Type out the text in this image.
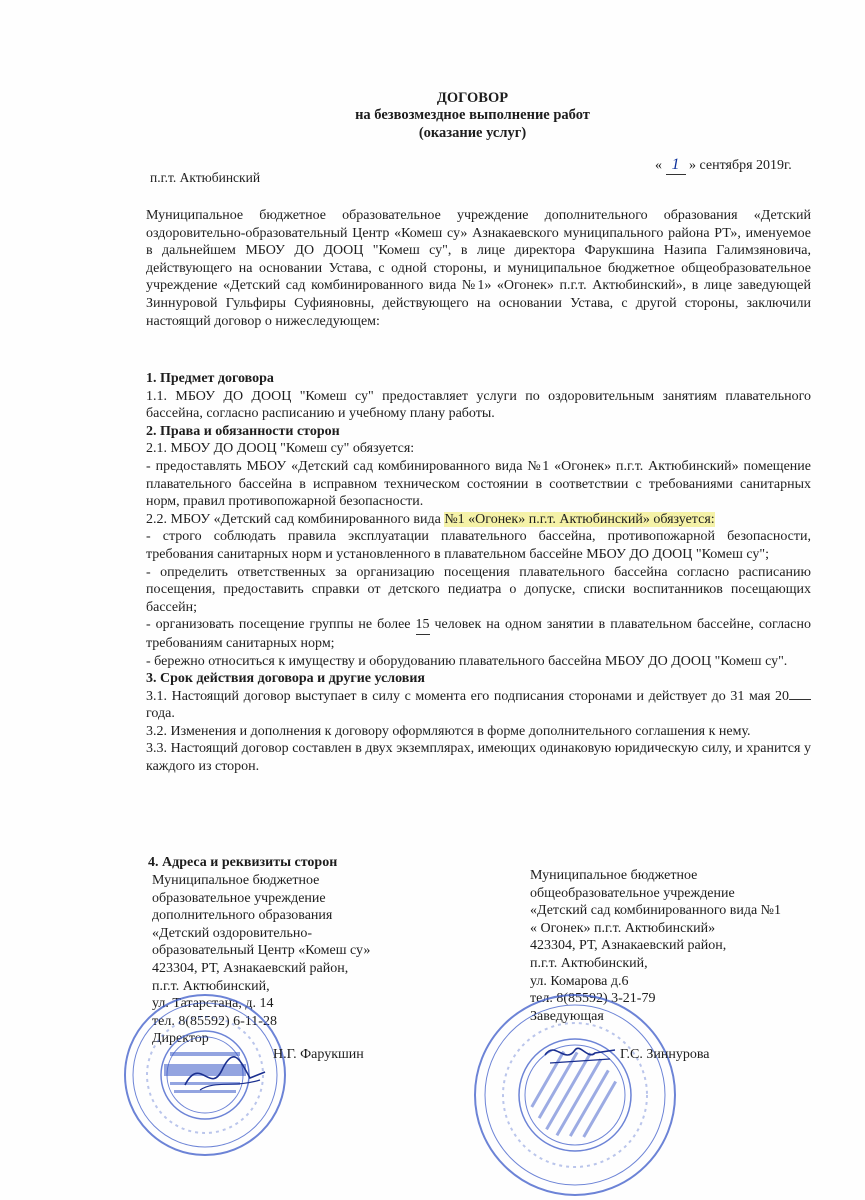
ДОГОВОР
на безвозмездное выполнение работ
(оказание услуг)
« 1 » сентября 2019г.
п.г.т. Актюбинский
Муниципальное бюджетное образовательное учреждение дополнительного образования «Детский оздоровительно-образовательный Центр «Комеш су» Азнакаевского муниципального района РТ», именуемое в дальнейшем МБОУ ДО ДООЦ "Комеш су", в лице директора Фарукшина Назипа Галимзяновича, действующего на основании Устава, с одной стороны, и муниципальное бюджетное общеобразовательное учреждение «Детский сад комбинированного вида №1» «Огонек» п.г.т. Актюбинский», в лице заведующей Зиннуровой Гульфиры Суфияновны, действующего на основании Устава, с другой стороны, заключили настоящий договор о нижеследующем:

1. Предмет договора

1.1. МБОУ ДО ДООЦ "Комеш су" предоставляет услуги по оздоровительным занятиям плавательного бассейна, согласно расписанию и учебному плану работы.

2. Права и обязанности сторон

2.1. МБОУ ДО ДООЦ "Комеш су" обязуется:

- предоставлять МБОУ «Детский сад комбинированного вида №1 «Огонек» п.г.т. Актюбинский» помещение плавательного бассейна в исправном техническом состоянии в соответствии с требованиями санитарных норм, правил противопожарной безопасности.

2.2. МБОУ «Детский сад комбинированного вида №1 «Огонек» п.г.т. Актюбинский» обязуется:

- строго соблюдать правила эксплуатации плавательного бассейна, противопожарной безопасности, требования санитарных норм и установленного в плавательном бассейне МБОУ ДО ДООЦ "Комеш су";

- определить ответственных за организацию посещения плавательного бассейна согласно расписанию посещения, предоставить справки от детского педиатра о допуске, списки воспитанников посещающих бассейн;

- организовать посещение группы не более 15 человек на одном занятии в плавательном бассейне, согласно требованиям санитарных норм;

- бережно относиться к имуществу и оборудованию плавательного бассейна МБОУ ДО ДООЦ "Комеш су".

3. Срок действия договора и другие условия

3.1. Настоящий договор выступает в силу с момента его подписания сторонами и действует до 31 мая 20года.

3.2. Изменения и дополнения к договору оформляются в форме дополнительного соглашения к нему.

3.3. Настоящий договор составлен в двух экземплярах, имеющих одинаковую юридическую силу, и хранится у каждого из сторон.

4. Адреса и реквизиты сторон
Муниципальное бюджетное
образовательное учреждение
дополнительного образования
«Детский оздоровительно-
образовательный Центр «Комеш су»
423304, РТ, Азнакаевский район,
п.г.т. Актюбинский,
ул. Татарстана, д. 14
тел. 8(85592) 6-11-28
Директор
Муниципальное бюджетное
общеобразовательное учреждение
«Детский сад комбинированного вида №1
« Огонек» п.г.т. Актюбинский»
423304, РТ, Азнакаевский район,
п.г.т. Актюбинский,
ул. Комарова д.6
тел. 8(85592) 3-21-79
Заведующая
Н.Г. Фарукшин	Г.С. Зиннурова
